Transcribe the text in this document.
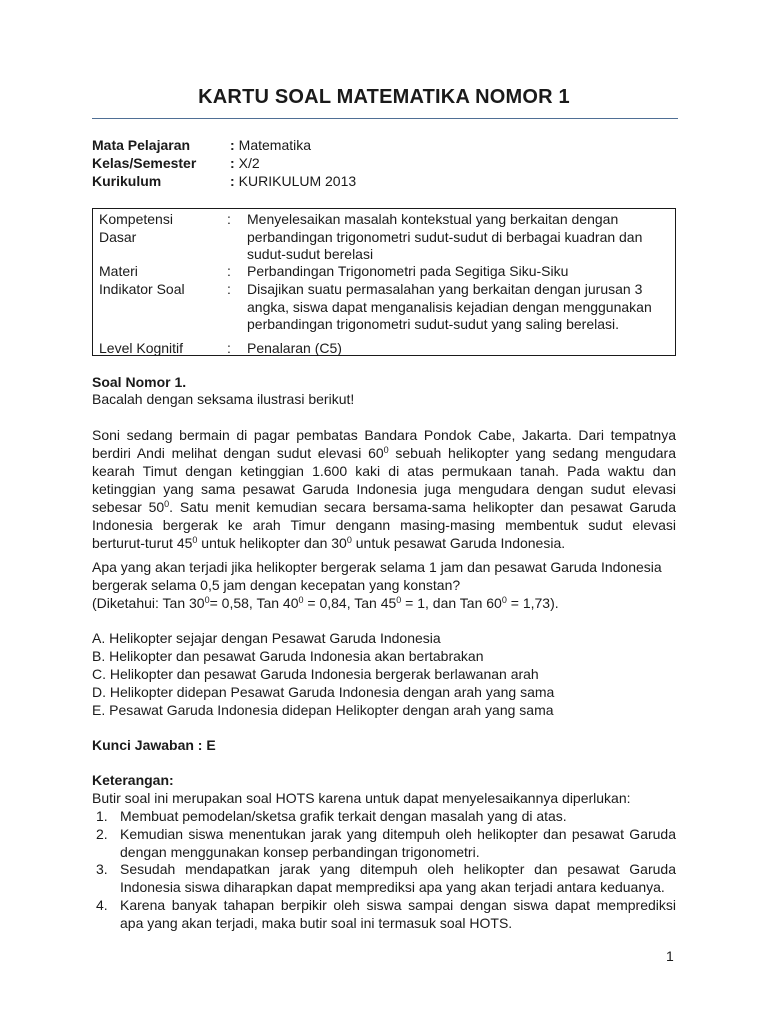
KARTU SOAL MATEMATIKA NOMOR 1
Mata Pelajaran	: Matematika
Kelas/Semester	: X/2
Kurikulum	: KURIKULUM 2013
Kompetensi
Dasar
:	Menyelesaikan masalah kontekstual yang berkaitan dengan
perbandingan trigonometri sudut-sudut di berbagai kuadran dan
sudut-sudut berelasi
Materi	:	Perbandingan Trigonometri pada Segitiga Siku-Siku
Indikator Soal	:	Disajikan suatu permasalahan yang berkaitan dengan jurusan 3
angka, siswa dapat menganalisis kejadian dengan menggunakan
perbandingan trigonometri sudut-sudut yang saling berelasi.
Level Kognitif	:	Penalaran (C5)
Soal Nomor 1.
Bacalah dengan seksama ilustrasi berikut!
Soni sedang bermain di pagar pembatas Bandara Pondok Cabe, Jakarta. Dari tempatnya
berdiri Andi melihat dengan sudut elevasi $60^0$ sebuah helikopter yang sedang mengudara
kearah Timut dengan ketinggian 1.600 kaki di atas permukaan tanah. Pada waktu dan
ketinggian yang sama pesawat Garuda Indonesia juga mengudara dengan sudut elevasi
sebesar $50^0$. Satu menit kemudian secara bersama-sama helikopter dan pesawat Garuda
Indonesia bergerak ke arah Timur dengann masing-masing membentuk sudut elevasi
berturut-turut $45^0$ untuk helikopter dan $30^0$ untuk pesawat Garuda Indonesia.
Apa yang akan terjadi jika helikopter bergerak selama 1 jam dan pesawat Garuda Indonesia
bergerak selama 0,5 jam dengan kecepatan yang konstan?
(Diketahui: Tan $30^0= 0,58$, Tan $40^0 = 0,84$, Tan $45^0 = 1$, dan Tan $60^0 = 1,73$).
A. Helikopter sejajar dengan Pesawat Garuda Indonesia
B. Helikopter dan pesawat Garuda Indonesia akan bertabrakan
C. Helikopter dan pesawat Garuda Indonesia bergerak berlawanan arah
D. Helikopter didepan Pesawat Garuda Indonesia dengan arah yang sama
E. Pesawat Garuda Indonesia didepan Helikopter dengan arah yang sama
Kunci Jawaban : E
Keterangan:
Butir soal ini merupakan soal HOTS karena untuk dapat menyelesaikannya diperlukan:
1. Membuat pemodelan/sketsa grafik terkait dengan masalah yang di atas.
2. Kemudian siswa menentukan jarak yang ditempuh oleh helikopter dan pesawat Garuda
dengan menggunakan konsep perbandingan trigonometri.
3. Sesudah mendapatkan jarak yang ditempuh oleh helikopter dan pesawat Garuda
Indonesia siswa diharapkan dapat memprediksi apa yang akan terjadi antara keduanya.
4. Karena banyak tahapan berpikir oleh siswa sampai dengan siswa dapat memprediksi
apa yang akan terjadi, maka butir soal ini termasuk soal HOTS.
1
